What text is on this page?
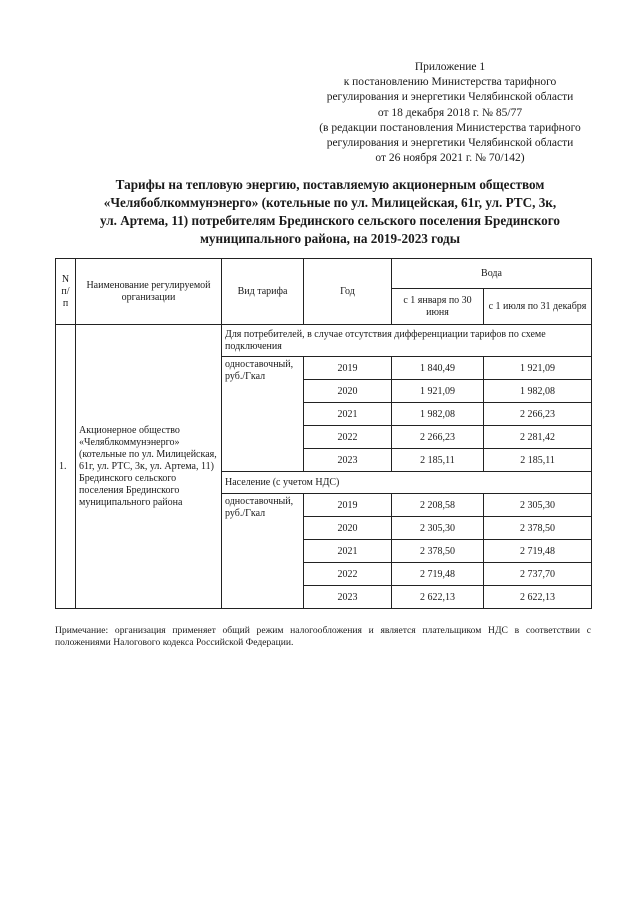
Приложение 1
к постановлению Министерства тарифного
регулирования и энергетики Челябинской области
от 18 декабря 2018 г. № 85/77
(в редакции постановления Министерства тарифного
регулирования и энергетики Челябинской области
от 26 ноября 2021 г. № 70/142)
Тарифы на тепловую энергию, поставляемую акционерным обществом
«Челябоблкоммунэнерго» (котельные по ул. Милицейская, 61г, ул. РТС, 3к,
ул. Артема, 11) потребителям Брединского сельского поселения Брединского
муниципального района, на 2019-2023 годы
N п/п	Наименование регулируемой организации	Вид тарифа	Год	Вода	
				с 1 января по 30 июня	с 1 июля по 31 декабря
1.	Акционерное общество «Челяблкоммунэнерго» (котельные по ул. Милицейская, 61г, ул. РТС, 3к, ул. Артема, 11) Брединского сельского поселения Брединского муниципального района	Для потребителей, в случае отсутствия дифференциации тарифов по схеме подключения			
		одноставочный, руб./Гкал	2019	1 840,49	1 921,09
			2020	1 921,09	1 982,08
			2021	1 982,08	2 266,23
			2022	2 266,23	2 281,42
			2023	2 185,11	2 185,11
		Население (с учетом НДС)			
		одноставочный, руб./Гкал	2019	2 208,58	2 305,30
			2020	2 305,30	2 378,50
			2021	2 378,50	2 719,48
			2022	2 719,48	2 737,70
			2023	2 622,13	2 622,13
Примечание: организация применяет общий режим налогообложения и является плательщиком НДС в соответствии с положениями Налогового кодекса Российской Федерации.
